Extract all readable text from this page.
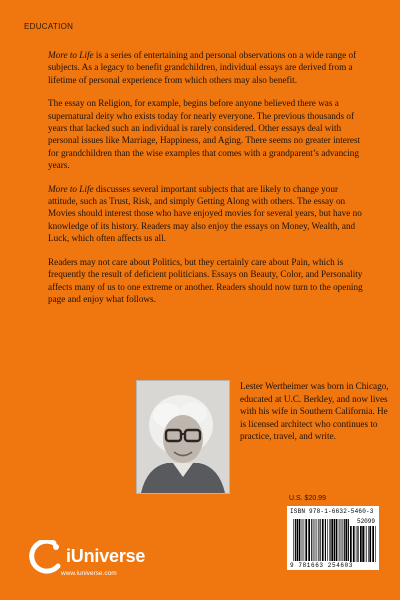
EDUCATION

More to Life is a series of entertaining and personal observations on a wide range of subjects. As a legacy to benefit grandchildren, individual essays are derived from a lifetime of personal experience from which others may also benefit.

The essay on Religion, for example, begins before anyone believed there was a supernatural deity who exists today for nearly everyone. The previous thousands of years that lacked such an individual is rarely considered. Other essays deal with personal issues like Marriage, Happiness, and Aging. There seems no greater interest for grandchildren than the wise examples that comes with a grandparent’s advancing years.

More to Life discusses several important subjects that are likely to change your attitude, such as Trust, Risk, and simply Getting Along with others. The essay on Movies should interest those who have enjoyed movies for several years, but have no knowledge of its history. Readers may also enjoy the essays on Money, Wealth, and Luck, which often affects us all.

Readers may not care about Politics, but they certainly care about Pain, which is frequently the result of deficient politicians. Essays on Beauty, Color, and Personality affects many of us to one extreme or another. Readers should now turn to the opening page and enjoy what follows.

Lester Wertheimer was born in Chicago, educated at U.C. Berkley, and now lives with his wife in Southern California. He is licensed architect who continues to practice, travel, and write.
U.S. $20.99
ISBN 978-1-6632-5460-3
52099
9 781663 254603
iUniverse
www.iuniverse.com
